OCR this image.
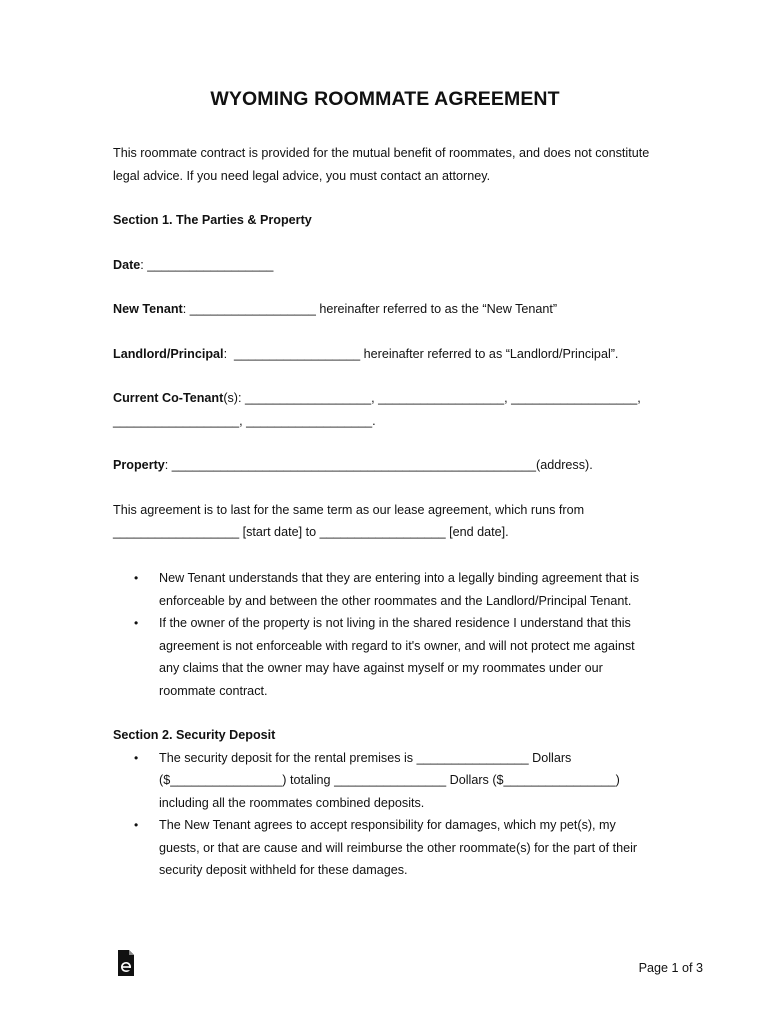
WYOMING ROOMMATE AGREEMENT
This roommate contract is provided for the mutual benefit of roommates, and does not constitute
legal advice. If you need legal advice, you must contact an attorney.
Section 1. The Parties & Property
Date: __________________
New Tenant: __________________ hereinafter referred to as the “New Tenant”
Landlord/Principal:  __________________ hereinafter referred to as “Landlord/Principal”.
Current Co-Tenant(s): __________________, __________________, __________________,
__________________, __________________.
Property: ____________________________________________________(address).
This agreement is to last for the same term as our lease agreement, which runs from
__________________ [start date] to __________________ [end date].
• New Tenant understands that they are entering into a legally binding agreement that is
enforceable by and between the other roommates and the Landlord/Principal Tenant.
• If the owner of the property is not living in the shared residence I understand that this
agreement is not enforceable with regard to it's owner, and will not protect me against
any claims that the owner may have against myself or my roommates under our
roommate contract.
Section 2. Security Deposit
• The security deposit for the rental premises is ________________ Dollars
($________________) totaling ________________ Dollars ($________________)
including all the roommates combined deposits.
• The New Tenant agrees to accept responsibility for damages, which my pet(s), my
guests, or that are cause and will reimburse the other roommate(s) for the part of their
security deposit withheld for these damages.
Page 1 of 3
